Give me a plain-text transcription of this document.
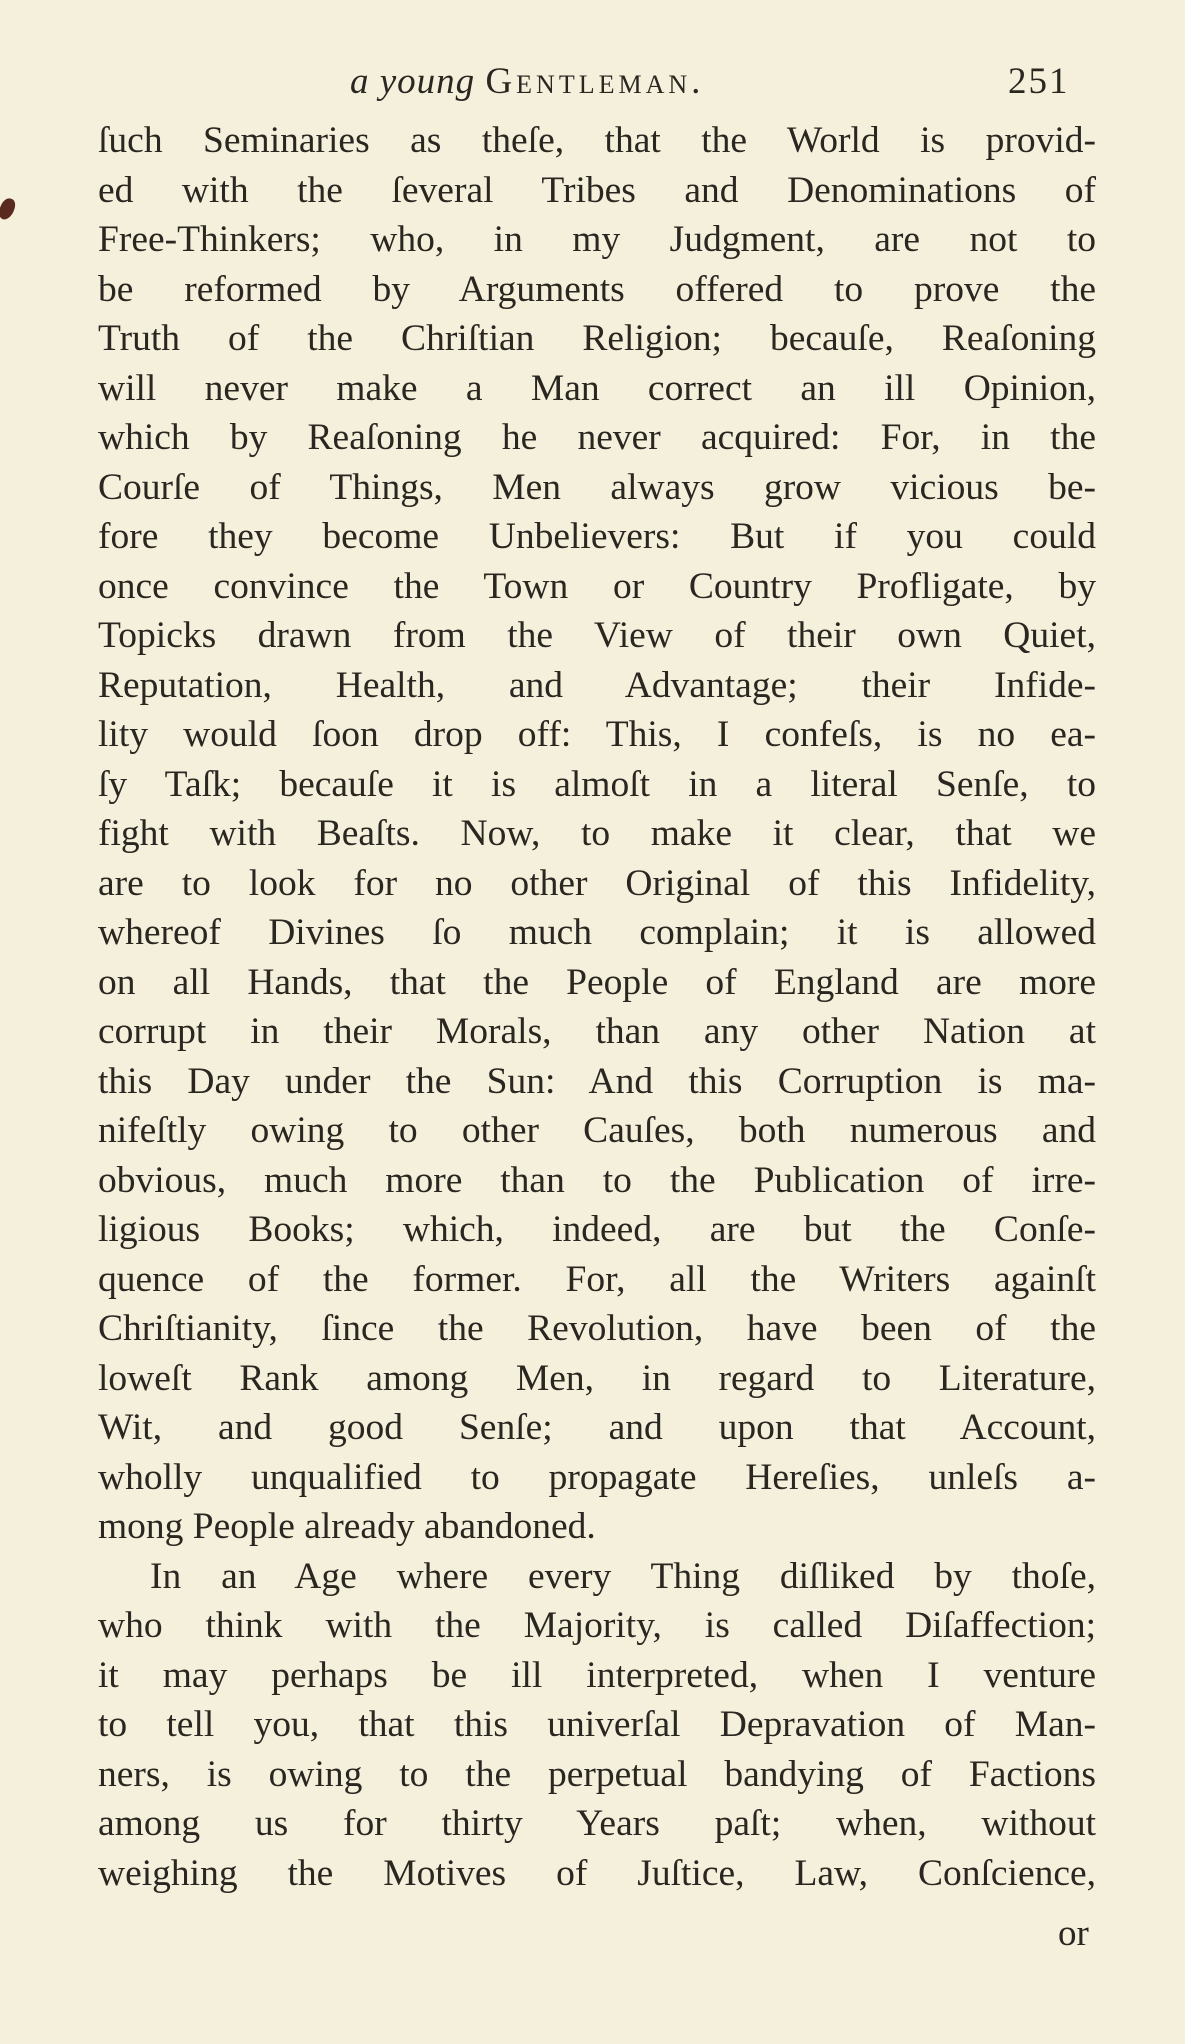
a young Gentleman.	251
ſuch Seminaries as theſe, that the World is provid-
ed with the ſeveral Tribes and Denominations of
Free-Thinkers; who, in my Judgment, are not to
be reformed by Arguments offered to prove the
Truth of the Chriſtian Religion; becauſe, Reaſoning
will never make a Man correct an ill Opinion,
which by Reaſoning he never acquired: For, in the
Courſe of Things, Men always grow vicious be-
fore they become Unbelievers: But if you could
once convince the Town or Country Profligate, by
Topicks drawn from the View of their own Quiet,
Reputation, Health, and Advantage; their Infide-
lity would ſoon drop off: This, I confeſs, is no ea-
ſy Taſk; becauſe it is almoſt in a literal Senſe, to
fight with Beaſts. Now, to make it clear, that we
are to look for no other Original of this Infidelity,
whereof Divines ſo much complain; it is allowed
on all Hands, that the People of England are more
corrupt in their Morals, than any other Nation at
this Day under the Sun: And this Corruption is ma-
nifeſtly owing to other Cauſes, both numerous and
obvious, much more than to the Publication of irre-
ligious Books; which, indeed, are but the Conſe-
quence of the former. For, all the Writers againſt
Chriſtianity, ſince the Revolution, have been of the
loweſt Rank among Men, in regard to Literature,
Wit, and good Senſe; and upon that Account,
wholly unqualified to propagate Hereſies, unleſs a-
mong People already abandoned.
In an Age where every Thing diſliked by thoſe,
who think with the Majority, is called Diſaffection;
it may perhaps be ill interpreted, when I venture
to tell you, that this univerſal Depravation of Man-
ners, is owing to the perpetual bandying of Factions
among us for thirty Years paſt; when, without
weighing the Motives of Juſtice, Law, Conſcience,
or
